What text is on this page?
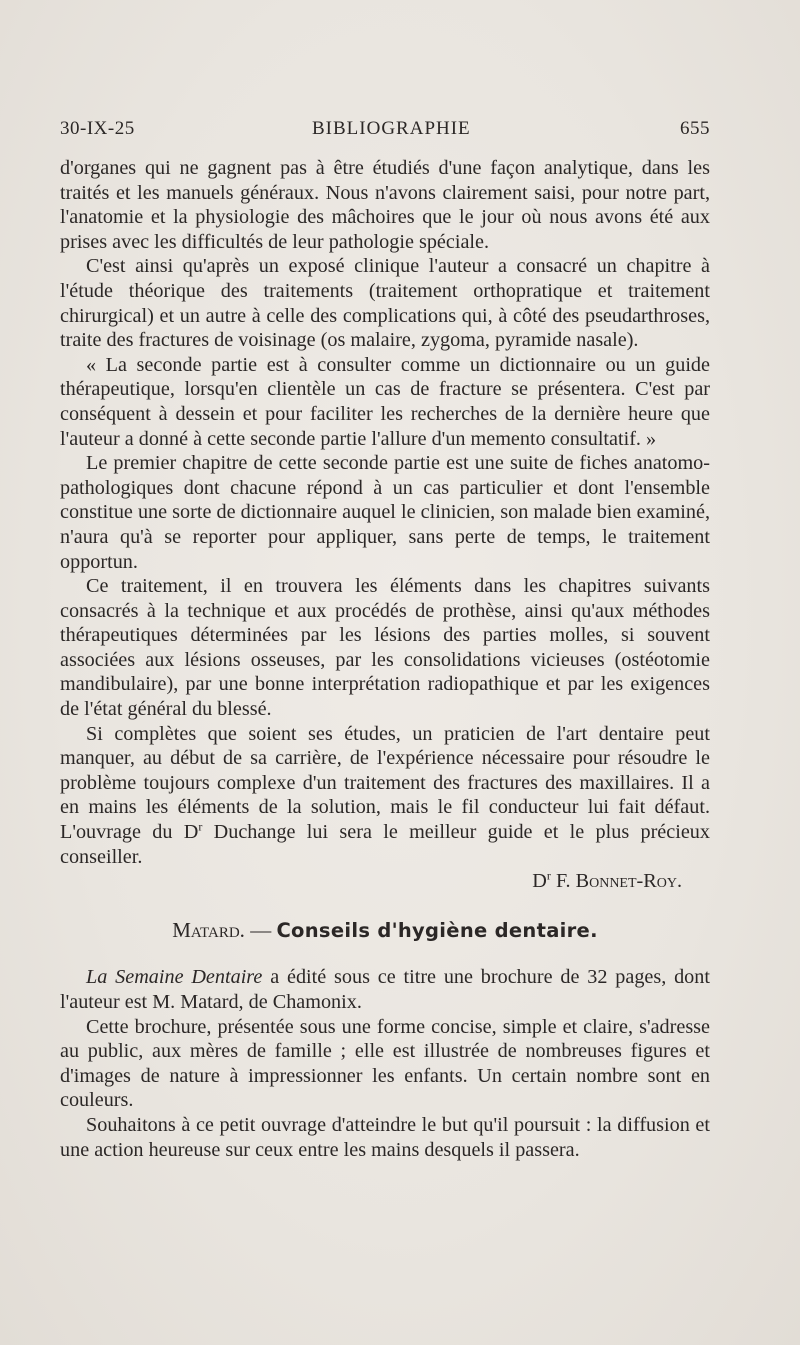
30-IX-25	BIBLIOGRAPHIE	655

d'organes qui ne gagnent pas à être étudiés d'une façon analytique, dans les traités et les manuels généraux. Nous n'avons clairement saisi, pour notre part, l'anatomie et la physiologie des mâchoires que le jour où nous avons été aux prises avec les difficultés de leur pathologie spéciale.

C'est ainsi qu'après un exposé clinique l'auteur a consacré un chapitre à l'étude théorique des traitements (traitement orthopratique et traitement chirurgical) et un autre à celle des complications qui, à côté des pseudarthroses, traite des fractures de voisinage (os malaire, zygoma, pyramide nasale).

« La seconde partie est à consulter comme un dictionnaire ou un guide thérapeutique, lorsqu'en clientèle un cas de fracture se présentera. C'est par conséquent à dessein et pour faciliter les recherches de la dernière heure que l'auteur a donné à cette seconde partie l'allure d'un memento consultatif. »

Le premier chapitre de cette seconde partie est une suite de fiches anatomo-pathologiques dont chacune répond à un cas particulier et dont l'ensemble constitue une sorte de dictionnaire auquel le clinicien, son malade bien examiné, n'aura qu'à se reporter pour appliquer, sans perte de temps, le traitement opportun.

Ce traitement, il en trouvera les éléments dans les chapitres suivants consacrés à la technique et aux procédés de prothèse, ainsi qu'aux méthodes thérapeutiques déterminées par les lésions des parties molles, si souvent associées aux lésions osseuses, par les consolidations vicieuses (ostéotomie mandibulaire), par une bonne interprétation radiopathique et par les exigences de l'état général du blessé.

Si complètes que soient ses études, un praticien de l'art dentaire peut manquer, au début de sa carrière, de l'expérience nécessaire pour résoudre le problème toujours complexe d'un traitement des fractures des maxillaires. Il a en mains les éléments de la solution, mais le fil conducteur lui fait défaut. L'ouvrage du $D^r$ Duchange lui sera le meilleur guide et le plus précieux conseiller.

$D^r$ F. Bonnet-Roy.

Matard. — Conseils d'hygiène dentaire.

La Semaine Dentaire a édité sous ce titre une brochure de 32 pages, dont l'auteur est M. Matard, de Chamonix.

Cette brochure, présentée sous une forme concise, simple et claire, s'adresse au public, aux mères de famille ; elle est illustrée de nombreuses figures et d'images de nature à impressionner les enfants. Un certain nombre sont en couleurs.

Souhaitons à ce petit ouvrage d'atteindre le but qu'il poursuit : la diffusion et une action heureuse sur ceux entre les mains desquels il passera.
